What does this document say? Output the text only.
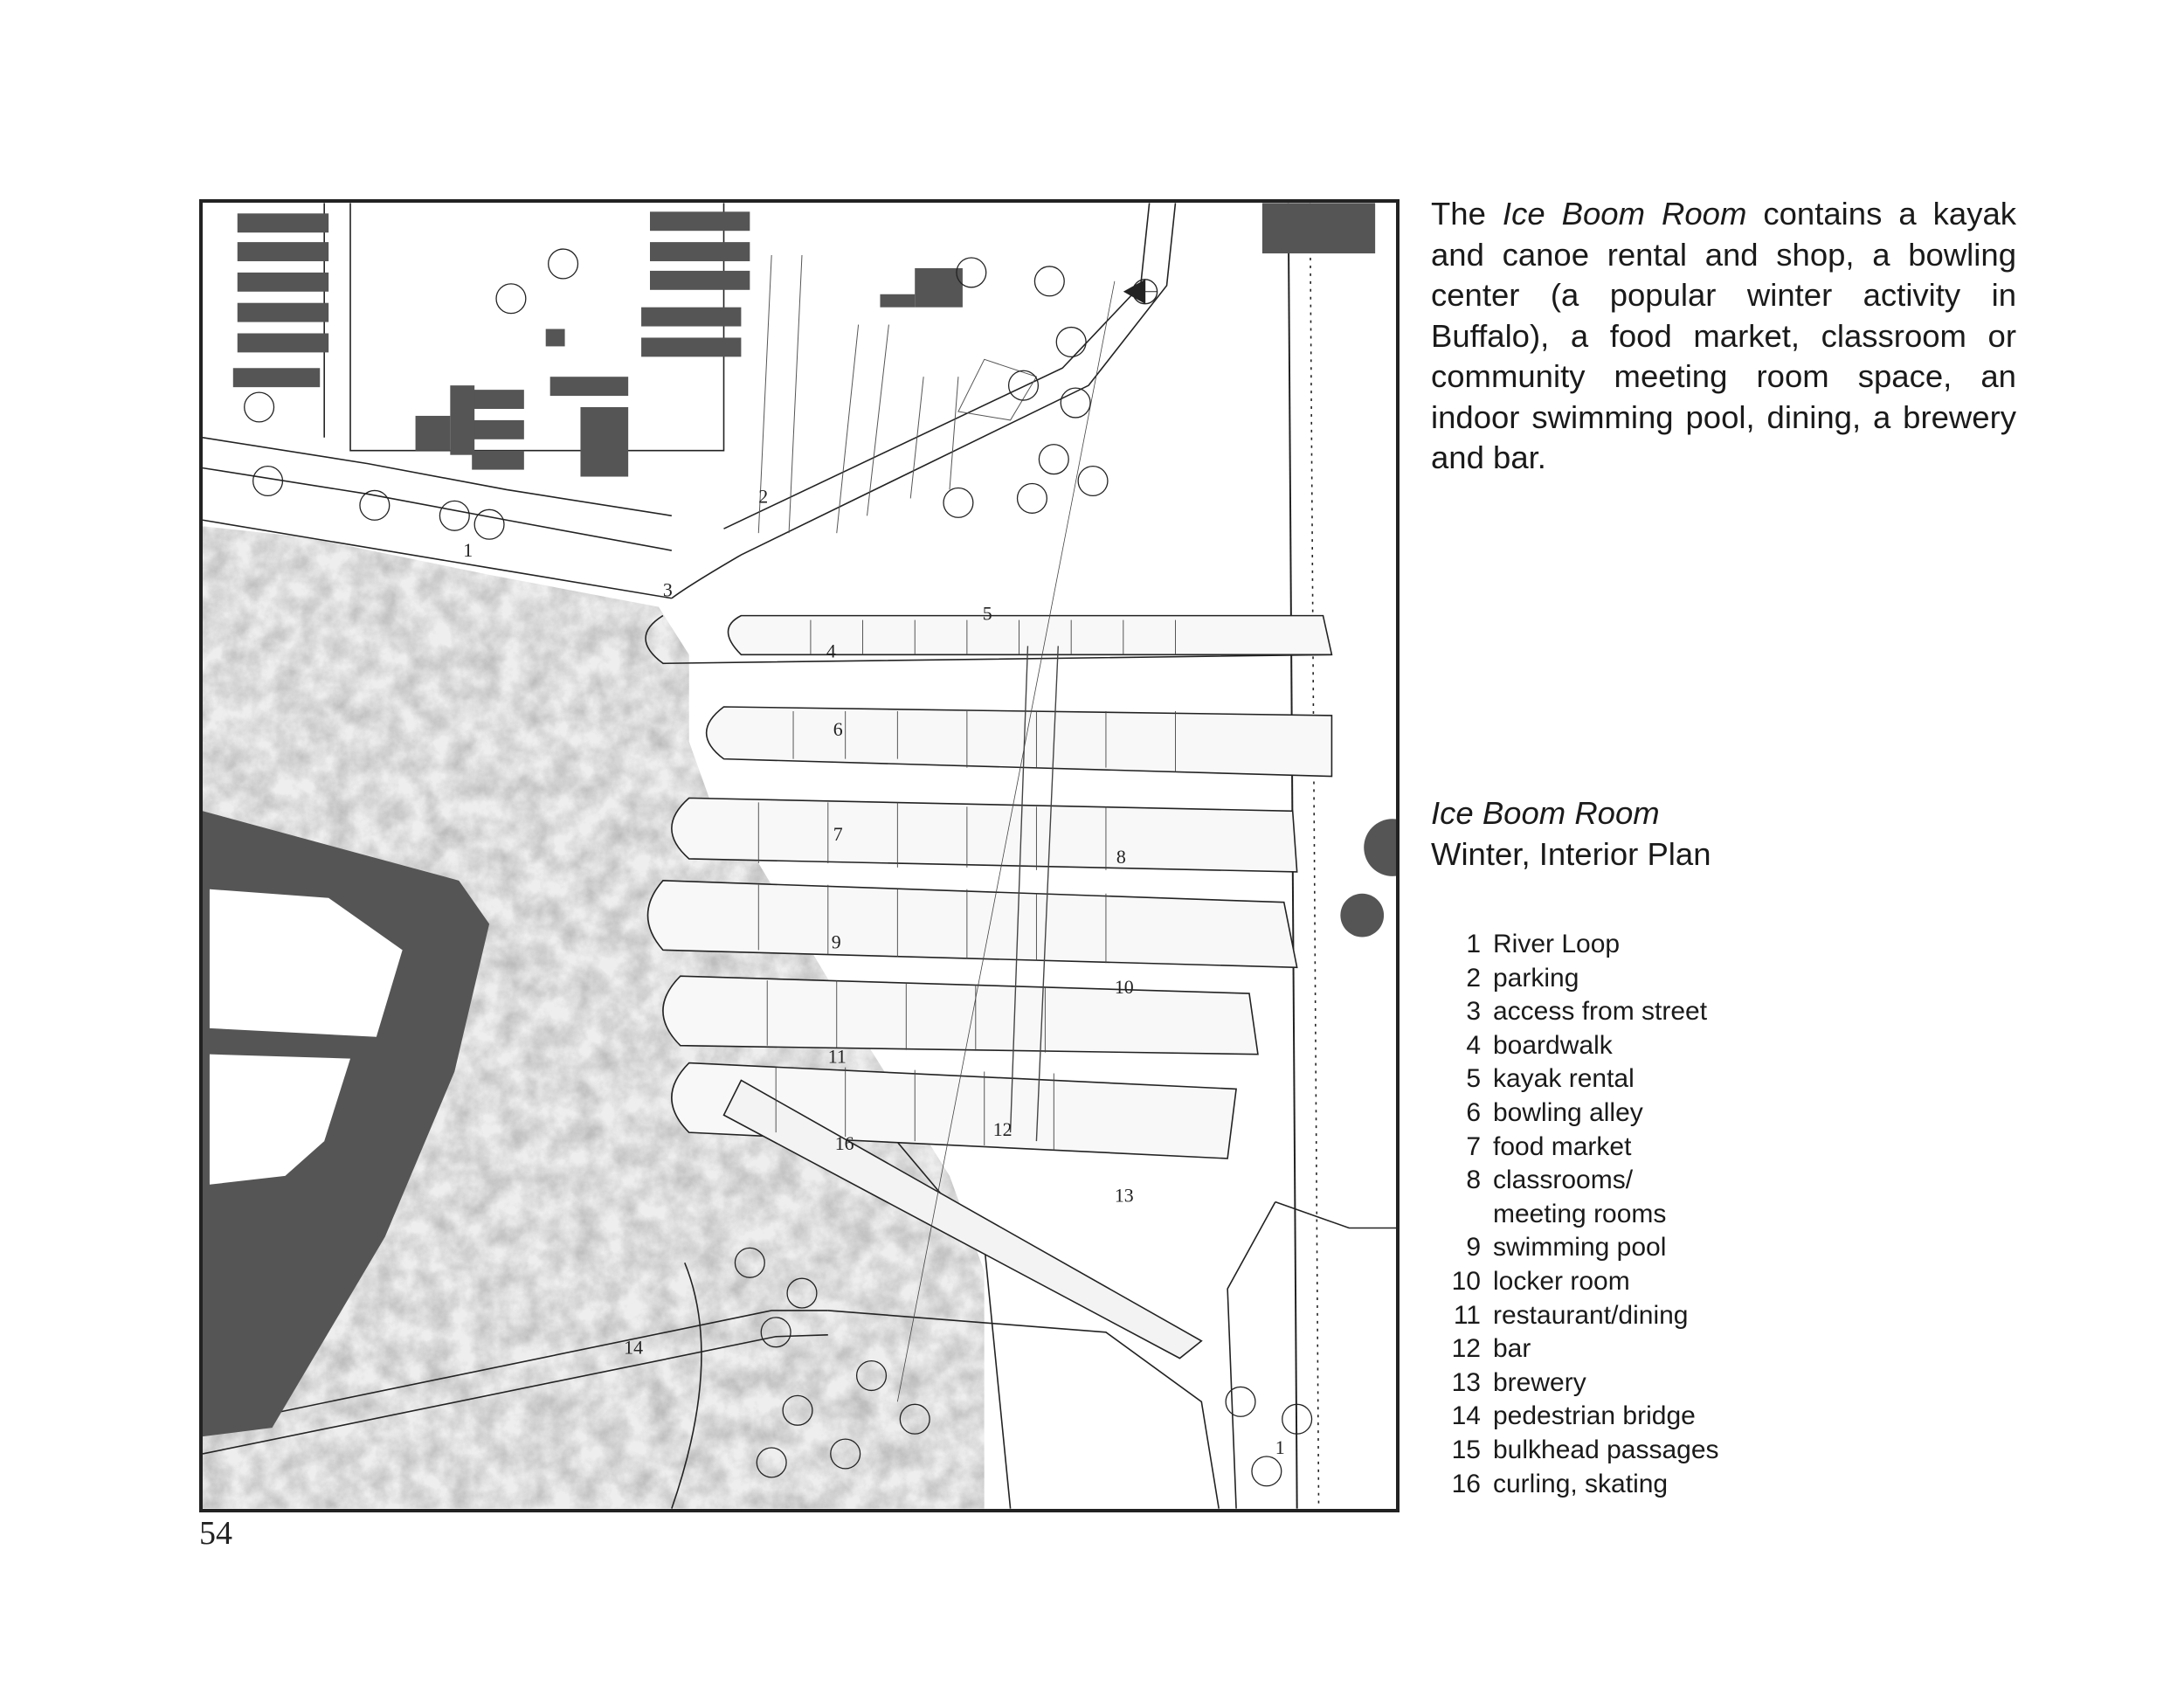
1
2
3
4
5
6
7
8
9
10
11
12
16
13
14
1
54

The Ice Boom Room contains a kayak and canoe rental and shop, a bowling center (a popular winter activity in Buffalo), a food market, classroom or community meeting room space, an indoor swimming pool, dining, a brewery and bar.

Ice Boom Room

Winter, Interior Plan

1 River Loop
2 parking
3 access from street
4 boardwalk
5 kayak rental
6 bowling alley
7 food market
8 classrooms/
meeting rooms
9 swimming pool
10 locker room
11 restaurant/dining
12 bar
13 brewery
14 pedestrian bridge
15 bulkhead passages
16 curling, skating
